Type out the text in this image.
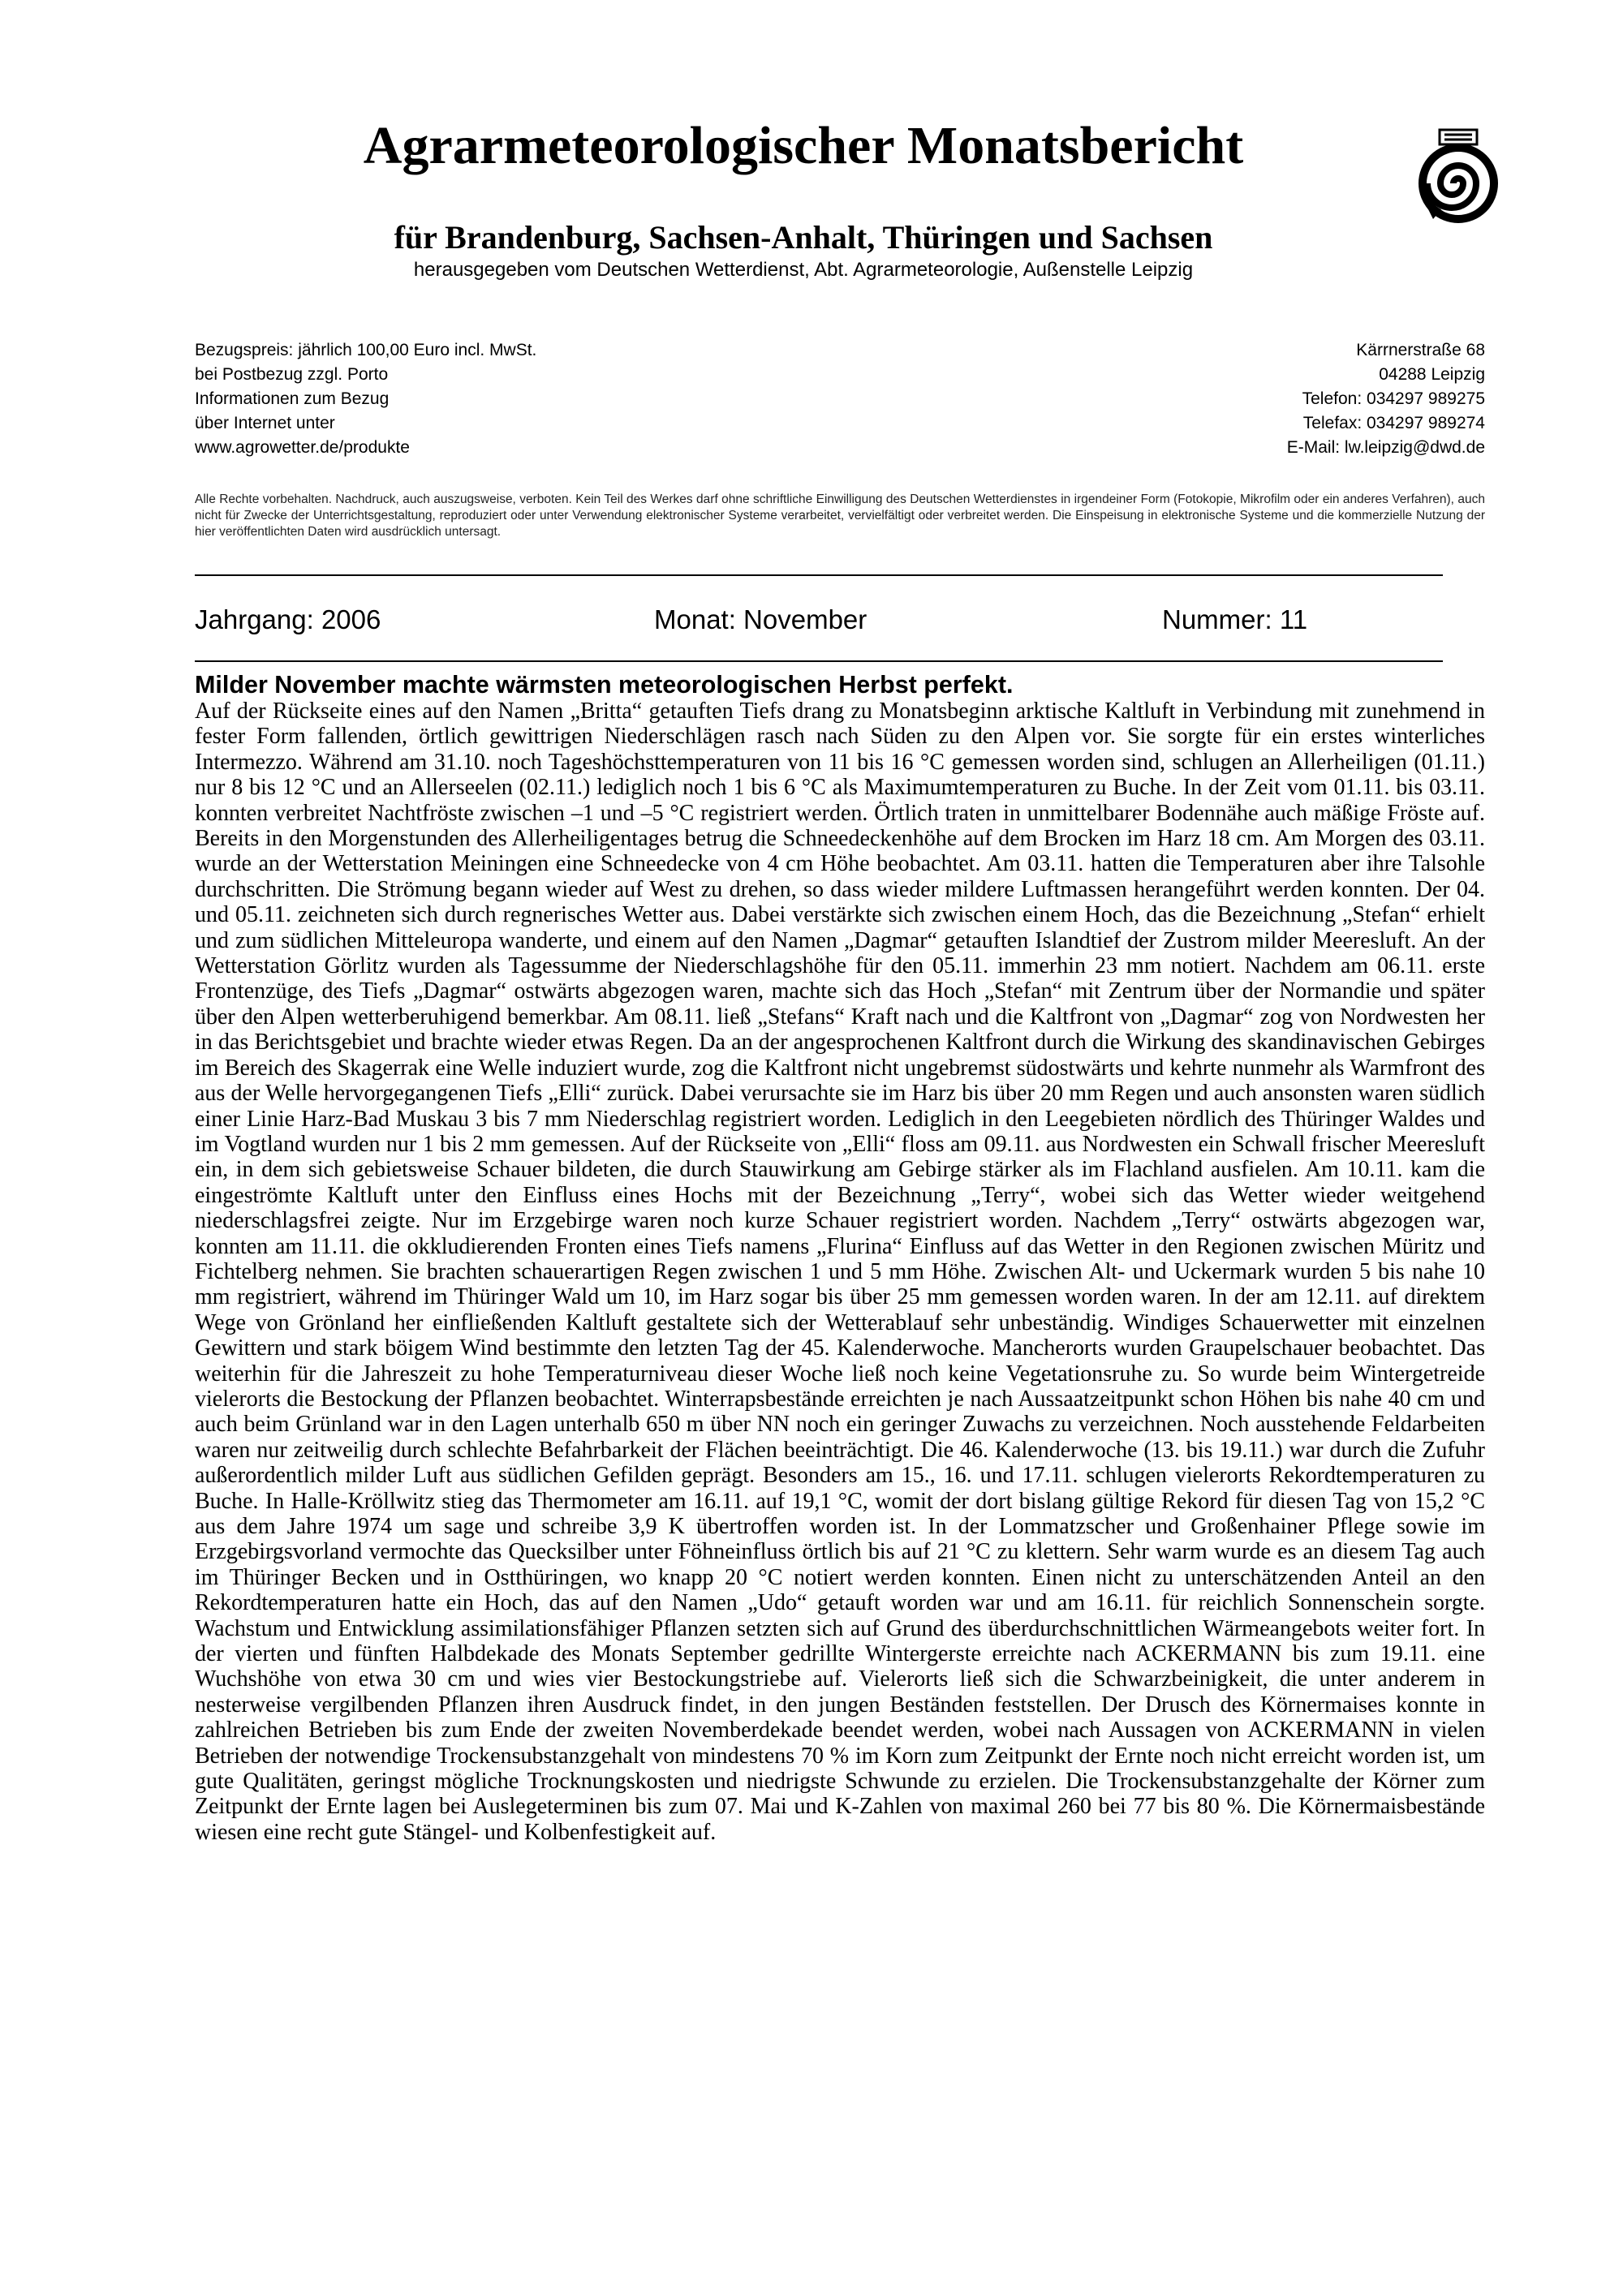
Agrarmeteorologischer Monatsbericht
für Brandenburg, Sachsen-Anhalt, Thüringen und Sachsen
herausgegeben vom Deutschen Wetterdienst, Abt. Agrarmeteorologie, Außenstelle Leipzig
Bezugspreis: jährlich 100,00 Euro incl. MwSt.
bei Postbezug zzgl. Porto
Informationen zum Bezug
über Internet unter
www.agrowetter.de/produkte
Kärrnerstraße 68
04288 Leipzig
Telefon: 034297 989275
Telefax: 034297 989274
E-Mail: lw.leipzig@dwd.de
Alle Rechte vorbehalten. Nachdruck, auch auszugsweise, verboten. Kein Teil des Werkes darf ohne schriftliche Einwilligung des Deutschen Wetterdienstes in irgendeiner Form (Fotokopie, Mikrofilm oder ein anderes Verfahren), auch nicht für Zwecke der Unterrichtsgestaltung, reproduziert oder unter Verwendung elektronischer Systeme verarbeitet, vervielfältigt oder verbreitet werden. Die Einspeisung in elektronische Systeme und die kommerzielle Nutzung der hier veröffentlichten Daten wird ausdrücklich untersagt.
Jahrgang: 2006	Monat: November	Nummer: 11
Milder November machte wärmsten meteorologischen Herbst perfekt.
Auf der Rückseite eines auf den Namen „Britta“ getauften Tiefs drang zu Monatsbeginn arktische Kaltluft in Verbindung mit zunehmend in fester Form fallenden, örtlich gewittrigen Niederschlägen rasch nach Süden zu den Alpen vor. Sie sorgte für ein erstes winterliches Intermezzo. Während am 31.10. noch Tageshöchsttemperaturen von 11 bis 16 °C gemessen worden sind, schlugen an Allerheiligen (01.11.) nur 8 bis 12 °C und an Allerseelen (02.11.) lediglich noch 1 bis 6 °C als Maximumtemperaturen zu Buche. In der Zeit vom 01.11. bis 03.11. konnten verbreitet Nachtfröste zwischen –1 und –5 °C registriert werden. Örtlich traten in unmittelbarer Bodennähe auch mäßige Fröste auf. Bereits in den Morgenstunden des Allerheiligentages betrug die Schneedeckenhöhe auf dem Brocken im Harz 18 cm. Am Morgen des 03.11. wurde an der Wetterstation Meiningen eine Schneedecke von 4 cm Höhe beobachtet. Am 03.11. hatten die Temperaturen aber ihre Talsohle durchschritten. Die Strömung begann wieder auf West zu drehen, so dass wieder mildere Luftmassen herangeführt werden konnten. Der 04. und 05.11. zeichneten sich durch regnerisches Wetter aus. Dabei verstärkte sich zwischen einem Hoch, das die Bezeichnung „Stefan“ erhielt und zum südlichen Mitteleuropa wanderte, und einem auf den Namen „Dagmar“ getauften Islandtief der Zustrom milder Meeresluft. An der Wetterstation Görlitz wurden als Tagessumme der Niederschlagshöhe für den 05.11. immerhin 23 mm notiert. Nachdem am 06.11. erste Frontenzüge, des Tiefs „Dagmar“ ostwärts abgezogen waren, machte sich das Hoch „Stefan“ mit Zentrum über der Normandie und später über den Alpen wetterberuhigend bemerkbar. Am 08.11. ließ „Stefans“ Kraft nach und die Kaltfront von „Dagmar“ zog von Nordwesten her in das Berichtsgebiet und brachte wieder etwas Regen. Da an der angesprochenen Kaltfront durch die Wirkung des skandinavischen Gebirges im Bereich des Skagerrak eine Welle induziert wurde, zog die Kaltfront nicht ungebremst südostwärts und kehrte nunmehr als Warmfront des aus der Welle hervorgegangenen Tiefs „Elli“ zurück. Dabei verursachte sie im Harz bis über 20 mm Regen und auch ansonsten waren südlich einer Linie Harz-Bad Muskau 3 bis 7 mm Niederschlag registriert worden. Lediglich in den Leegebieten nördlich des Thüringer Waldes und im Vogtland wurden nur 1 bis 2 mm gemessen. Auf der Rückseite von „Elli“ floss am 09.11. aus Nordwesten ein Schwall frischer Meeresluft ein, in dem sich gebietsweise Schauer bildeten, die durch Stauwirkung am Gebirge stärker als im Flachland ausfielen. Am 10.11. kam die eingeströmte Kaltluft unter den Einfluss eines Hochs mit der Bezeichnung „Terry“, wobei sich das Wetter wieder weitgehend niederschlagsfrei zeigte. Nur im Erzgebirge waren noch kurze Schauer registriert worden. Nachdem „Terry“ ostwärts abgezogen war, konnten am 11.11. die okkludierenden Fronten eines Tiefs namens „Flurina“ Einfluss auf das Wetter in den Regionen zwischen Müritz und Fichtelberg nehmen. Sie brachten schauerartigen Regen zwischen 1 und 5 mm Höhe. Zwischen Alt- und Uckermark wurden 5 bis nahe 10 mm registriert, während im Thüringer Wald um 10, im Harz sogar bis über 25 mm gemessen worden waren. In der am 12.11. auf direktem Wege von Grönland her einfließenden Kaltluft gestaltete sich der Wetterablauf sehr unbeständig. Windiges Schauerwetter mit einzelnen Gewittern und stark böigem Wind bestimmte den letzten Tag der 45. Kalenderwoche. Mancherorts wurden Graupelschauer beobachtet. Das weiterhin für die Jahreszeit zu hohe Temperaturniveau dieser Woche ließ noch keine Vegetationsruhe zu. So wurde beim Wintergetreide vielerorts die Bestockung der Pflanzen beobachtet. Winterrapsbestände erreichten je nach Aussaatzeitpunkt schon Höhen bis nahe 40 cm und auch beim Grünland war in den Lagen unterhalb 650 m über NN noch ein geringer Zuwachs zu verzeichnen. Noch ausstehende Feldarbeiten waren nur zeitweilig durch schlechte Befahrbarkeit der Flächen beeinträchtigt. Die 46. Kalenderwoche (13. bis 19.11.) war durch die Zufuhr außerordentlich milder Luft aus südlichen Gefilden geprägt. Besonders am 15., 16. und 17.11. schlugen vielerorts Rekordtemperaturen zu Buche. In Halle-Kröllwitz stieg das Thermometer am 16.11. auf 19,1 °C, womit der dort bislang gültige Rekord für diesen Tag von 15,2 °C aus dem Jahre 1974 um sage und schreibe 3,9 K übertroffen worden ist. In der Lommatzscher und Großenhainer Pflege sowie im Erzgebirgsvorland vermochte das Quecksilber unter Föhneinfluss örtlich bis auf 21 °C zu klettern. Sehr warm wurde es an diesem Tag auch im Thüringer Becken und in Ostthüringen, wo knapp 20 °C notiert werden konnten. Einen nicht zu unterschätzenden Anteil an den Rekordtemperaturen hatte ein Hoch, das auf den Namen „Udo“ getauft worden war und am 16.11. für reichlich Sonnenschein sorgte. Wachstum und Entwicklung assimilationsfähiger Pflanzen setzten sich auf Grund des überdurchschnittlichen Wärmeangebots weiter fort. In der vierten und fünften Halbdekade des Monats September gedrillte Wintergerste erreichte nach ACKERMANN bis zum 19.11. eine Wuchshöhe von etwa 30 cm und wies vier Bestockungstriebe auf. Vielerorts ließ sich die Schwarzbeinigkeit, die unter anderem in nesterweise vergilbenden Pflanzen ihren Ausdruck findet, in den jungen Beständen feststellen. Der Drusch des Körnermaises konnte in zahlreichen Betrieben bis zum Ende der zweiten Novemberdekade beendet werden, wobei nach Aussagen von ACKERMANN in vielen Betrieben der notwendige Trockensubstanzgehalt von mindestens 70 % im Korn zum Zeitpunkt der Ernte noch nicht erreicht worden ist, um gute Qualitäten, geringst mögliche Trocknungskosten und niedrigste Schwunde zu erzielen. Die Trockensubstanzgehalte der Körner zum Zeitpunkt der Ernte lagen bei Auslegeterminen bis zum 07. Mai und K-Zahlen von maximal 260 bei 77 bis 80 %. Die Körnermaisbestände wiesen eine recht gute Stängel- und Kolbenfestigkeit auf.
